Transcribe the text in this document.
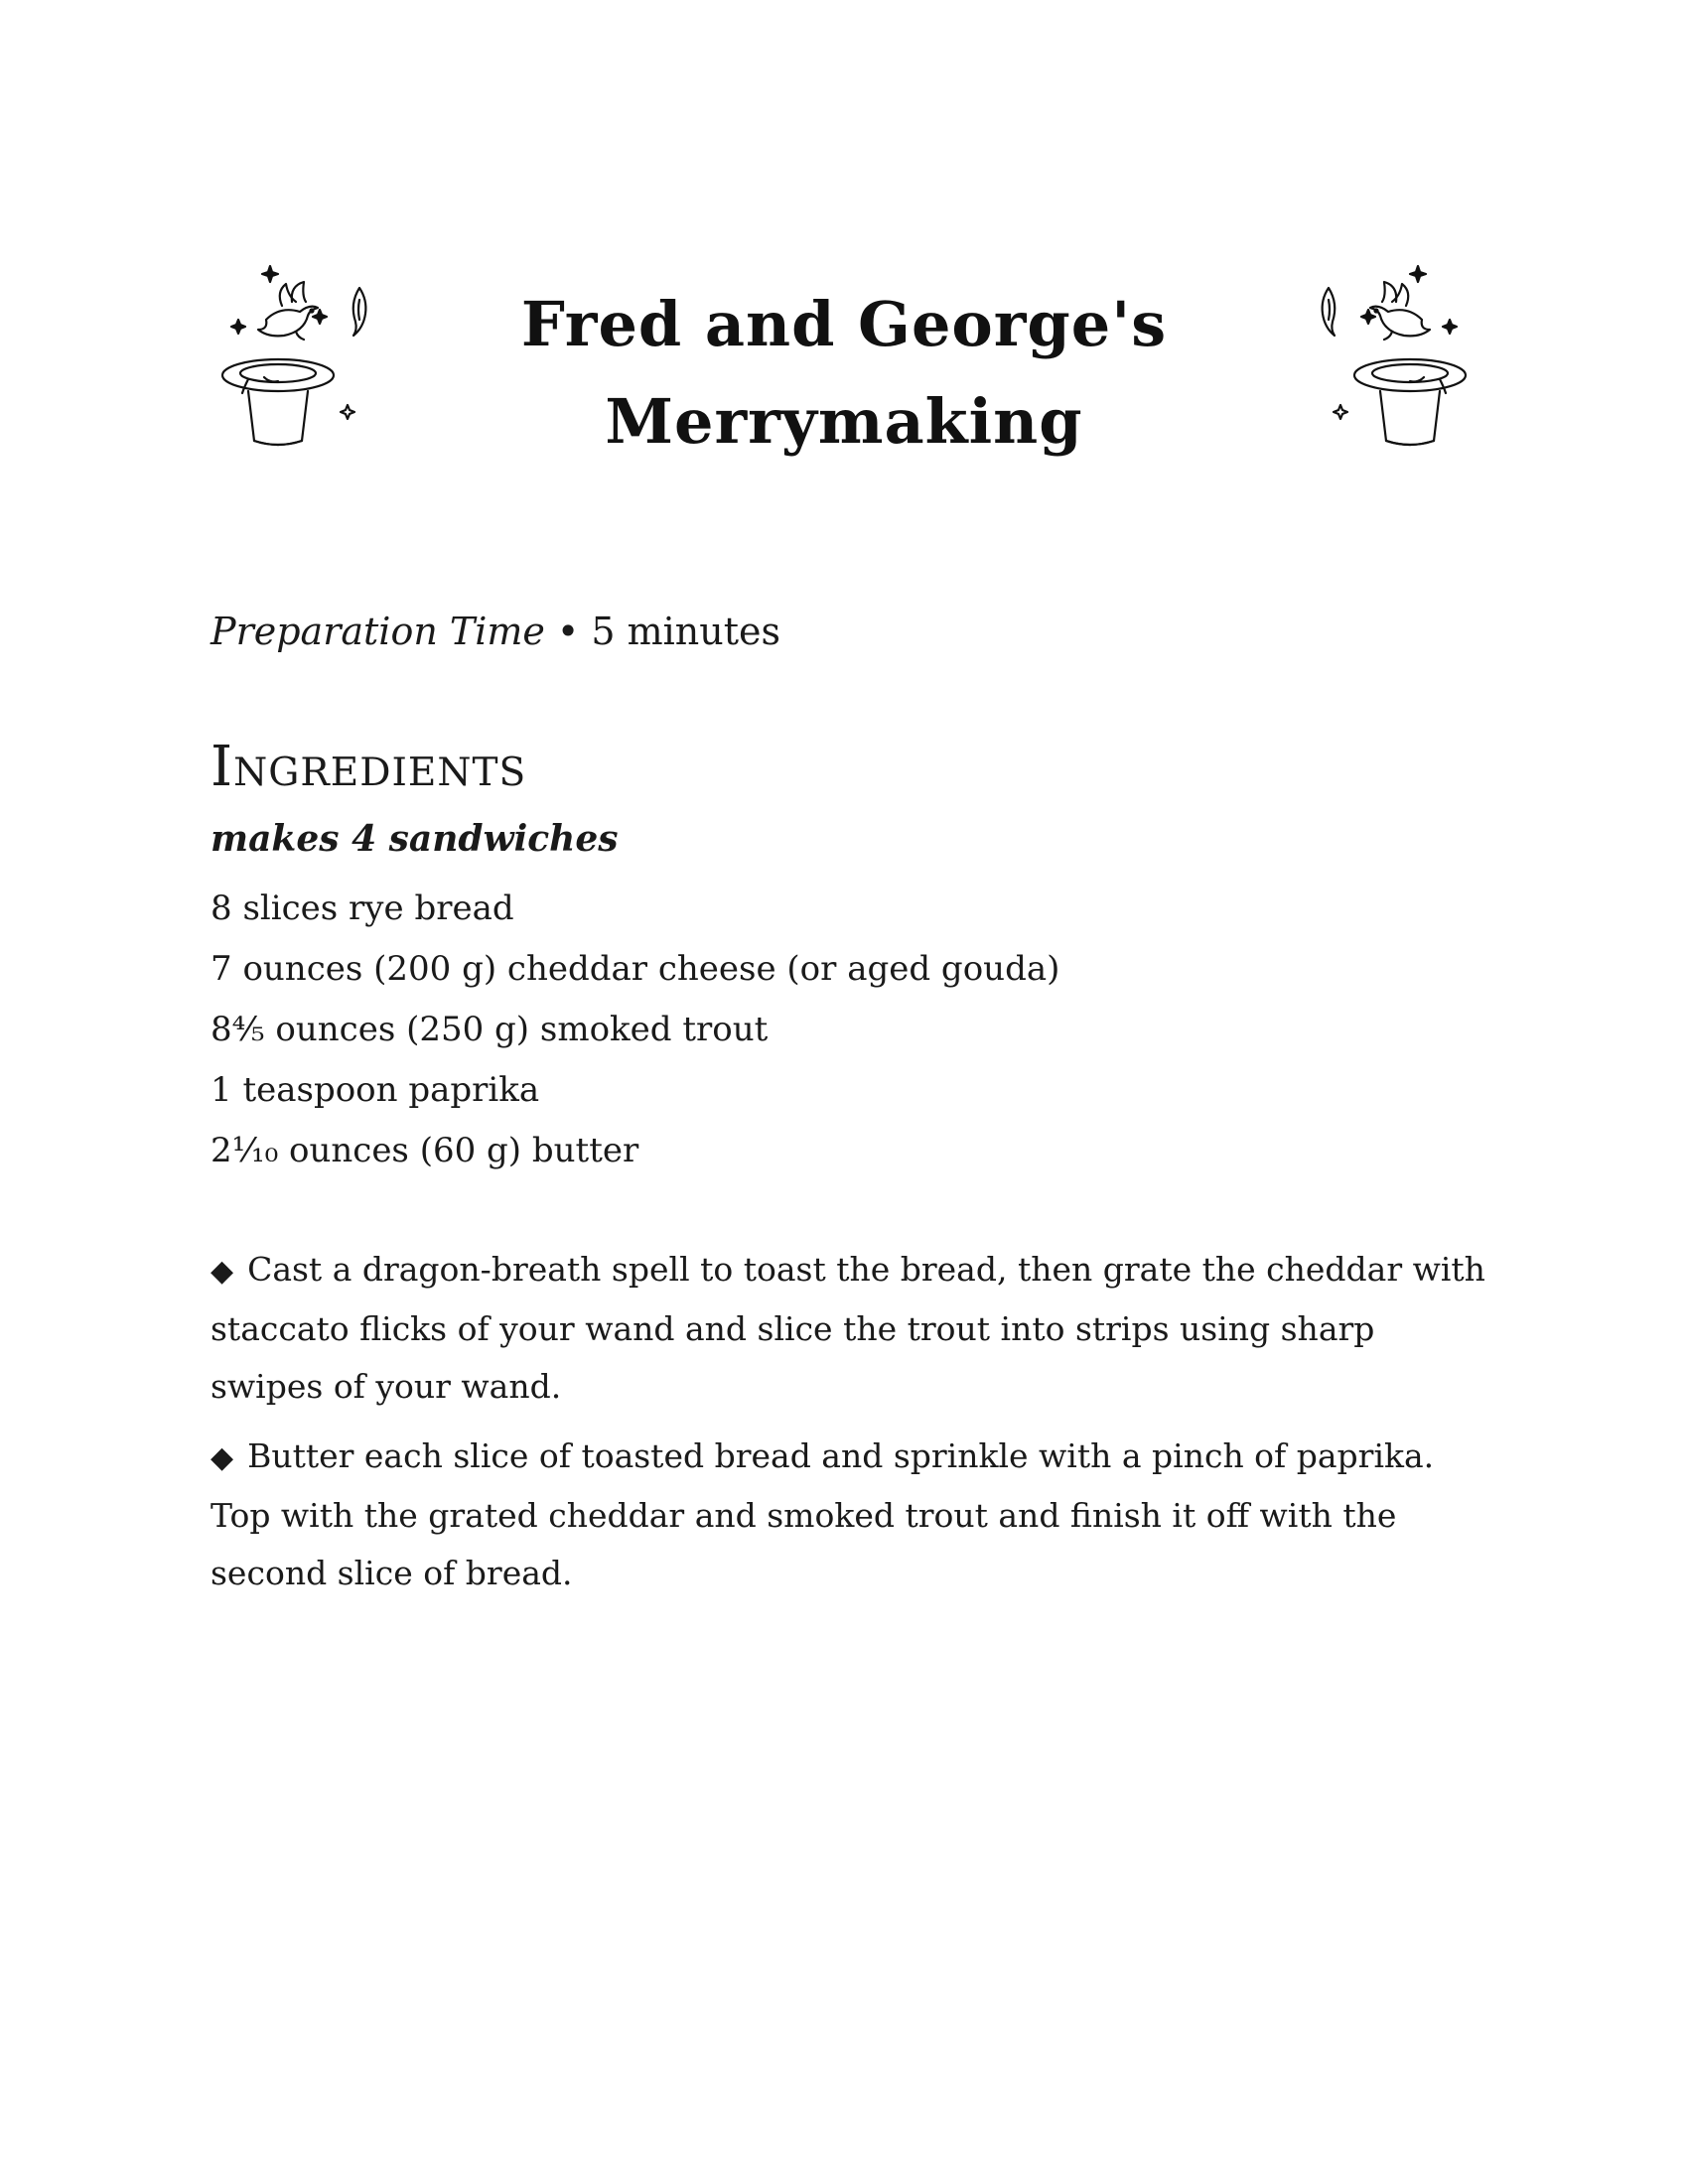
Fred and George's
Merrymaking
Preparation Time • 5 minutes
Ingredients
makes 4 sandwiches
8 slices rye bread
7 ounces (200 g) cheddar cheese (or aged gouda)
8⅘ ounces (250 g) smoked trout
1 teaspoon paprika
2¹⁄₁₀ ounces (60 g) butter

◆ Cast a dragon-breath spell to toast the bread, then grate the cheddar with staccato flicks of your wand and slice the trout into strips using sharp swipes of your wand.

◆ Butter each slice of toasted bread and sprinkle with a pinch of paprika. Top with the grated cheddar and smoked trout and finish it off with the second slice of bread.
